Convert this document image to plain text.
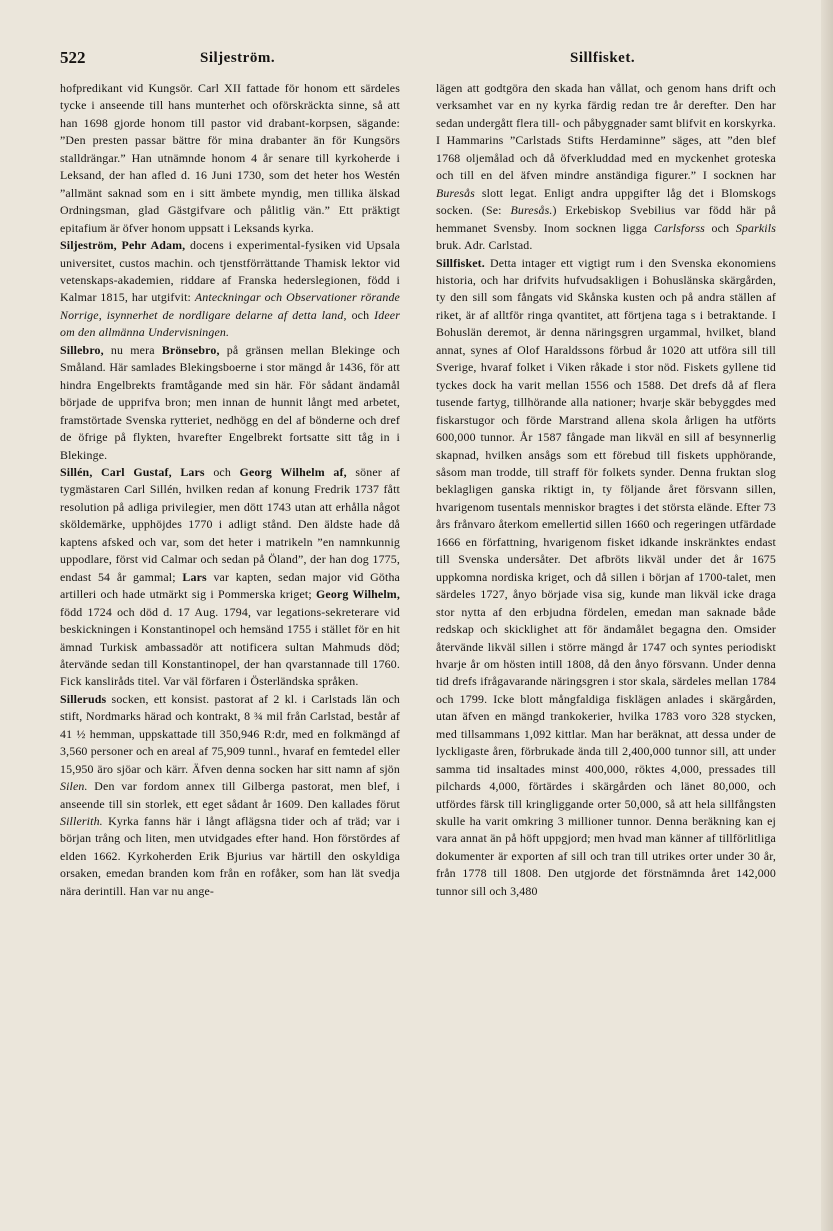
522	Siljeström.	Sillfisket.

hofpredikant vid Kungsör. Carl XII fattade för honom ett särdeles tycke i anseende till hans munterhet och oförskräckta sinne, så att han 1698 gjorde honom till pastor vid drabant-korpsen, sägande: ”Den presten passar bättre för mina drabanter än för Kungsörs stalldrängar.” Han utnämnde honom 4 år senare till kyrkoherde i Leksand, der han afled d. 16 Juni 1730, som det heter hos Westén ”allmänt saknad som en i sitt ämbete myndig, men tillika älskad Ordningsman, glad Gästgifvare och pålitlig vän.” Ett präktigt epitafium är öfver honom uppsatt i Leksands kyrka.

Siljeström, Pehr Adam, docens i experimental-fysiken vid Upsala universitet, custos machin. och tjenstförrättande Thamisk lektor vid vetenskaps-akademien, riddare af Franska hederslegionen, född i Kalmar 1815, har utgifvit: Anteckningar och Observationer rörande Norrige, isynnerhet de nordligare delarne af detta land, och Ideer om den allmänna Undervisningen.

Sillebro, nu mera Brönsebro, på gränsen mellan Blekinge och Småland. Här samlades Blekingsboerne i stor mängd år 1436, för att hindra Engelbrekts framtågande med sin här. För sådant ändamål började de upprifva bron; men innan de hunnit långt med arbetet, framstörtade Svenska rytteriet, nedhögg en del af bönderne och dref de öfrige på flykten, hvarefter Engelbrekt fortsatte sitt tåg in i Blekinge.

Sillén, Carl Gustaf, Lars och Georg Wilhelm af, söner af tygmästaren Carl Sillén, hvilken redan af konung Fredrik 1737 fått resolution på adliga privilegier, men dött 1743 utan att erhålla något sköldemärke, upphöjdes 1770 i adligt stånd. Den äldste hade då kaptens afsked och var, som det heter i matrikeln ”en namnkunnig uppodlare, först vid Calmar och sedan på Öland”, der han dog 1775, endast 54 år gammal; Lars var kapten, sedan major vid Götha artilleri och hade utmärkt sig i Pommerska kriget; Georg Wilhelm, född 1724 och död d. 17 Aug. 1794, var legations-sekreterare vid beskickningen i Konstantinopel och hemsänd 1755 i stället för en hit ämnad Turkisk ambassadör att notificera sultan Mahmuds död; återvände sedan till Konstantinopel, der han qvarstannade till 1760. Fick kansliråds titel. Var väl förfaren i Österländska språken.

Silleruds socken, ett konsist. pastorat af 2 kl. i Carlstads län och stift, Nordmarks härad och kontrakt, 8 ¾ mil från Carlstad, består af 41 ½ hemman, uppskattade till 350,946 R:dr, med en folkmängd af 3,560 personer och en areal af 75,909 tunnl., hvaraf en femtedel eller 15,950 äro sjöar och kärr. Äfven denna socken har sitt namn af sjön Silen. Den var fordom annex till Gilberga pastorat, men blef, i anseende till sin storlek, ett eget sådant år 1609. Den kallades förut Sillerith. Kyrka fanns här i långt aflägsna tider och af träd; var i början trång och liten, men utvidgades efter hand. Hon förstördes af elden 1662. Kyrkoherden Erik Bjurius var härtill den oskyldiga orsaken, emedan branden kom från en rofåker, som han lät svedja nära derintill. Han var nu ange-

lägen att godtgöra den skada han vållat, och genom hans drift och verksamhet var en ny kyrka färdig redan tre år derefter. Den har sedan undergått flera till- och påbyggnader samt blifvit en korskyrka. I Hammarins ”Carlstads Stifts Herdaminne” säges, att ”den blef 1768 oljemålad och då öfverkluddad med en myckenhet groteska och till en del äfven mindre anständiga figurer.” I socknen har Buresås slott legat. Enligt andra uppgifter låg det i Blomskogs socken. (Se: Buresås.) Erkebiskop Svebilius var född här på hemmanet Svensby. Inom socknen ligga Carlsforss och Sparkils bruk. Adr. Carlstad.

Sillfisket. Detta intager ett vigtigt rum i den Svenska ekonomiens historia, och har drifvits hufvudsakligen i Bohuslänska skärgården, ty den sill som fångats vid Skånska kusten och på andra ställen af riket, är af alltför ringa qvantitet, att förtjena taga s i betraktande. I Bohuslän deremot, är denna näringsgren urgammal, hvilket, bland annat, synes af Olof Haraldssons förbud år 1020 att utföra sill till Sverige, hvaraf folket i Viken råkade i stor nöd. Fiskets gyllene tid tyckes dock ha varit mellan 1556 och 1588. Det drefs då af flera tusende fartyg, tillhörande alla nationer; hvarje skär bebyggdes med fiskarstugor och förde Marstrand allena skola årligen ha utförts 600,000 tunnor. År 1587 fångade man likväl en sill af besynnerlig skapnad, hvilken ansågs som ett förebud till fiskets upphörande, såsom man trodde, till straff för folkets synder. Denna fruktan slog beklagligen ganska riktigt in, ty följande året försvann sillen, hvarigenom tusentals menniskor bragtes i det största elände. Efter 73 års frånvaro återkom emellertid sillen 1660 och regeringen utfärdade 1666 en författning, hvarigenom fisket idkande inskränktes endast till Svenska undersåter. Det afbröts likväl under det år 1675 uppkomna nordiska kriget, och då sillen i början af 1700-talet, men särdeles 1727, ånyo började visa sig, kunde man likväl icke draga stor nytta af den erbjudna fördelen, emedan man saknade både redskap och skicklighet att för ändamålet begagna den. Omsider återvände likväl sillen i större mängd år 1747 och syntes periodiskt hvarje år om hösten intill 1808, då den ånyo försvann. Under denna tid drefs ifrågavarande näringsgren i stor skala, särdeles mellan 1784 och 1799. Icke blott mångfaldiga fisklägen anlades i skärgården, utan äfven en mängd trankokerier, hvilka 1783 voro 328 stycken, med tillsammans 1,092 kittlar. Man har beräknat, att dessa under de lyckligaste åren, förbrukade ända till 2,400,000 tunnor sill, att under samma tid insaltades minst 400,000, röktes 4,000, pressades till pilchards 4,000, förtärdes i skärgården och länet 80,000, och utfördes färsk till kringliggande orter 50,000, så att hela sillfångsten skulle ha varit omkring 3 millioner tunnor. Denna beräkning kan ej vara annat än på höft uppgjord; men hvad man känner af tillförlitliga dokumenter är exporten af sill och tran till utrikes orter under 30 år, från 1778 till 1808. Den utgjorde det förstnämnda året 142,000 tunnor sill och 3,480
